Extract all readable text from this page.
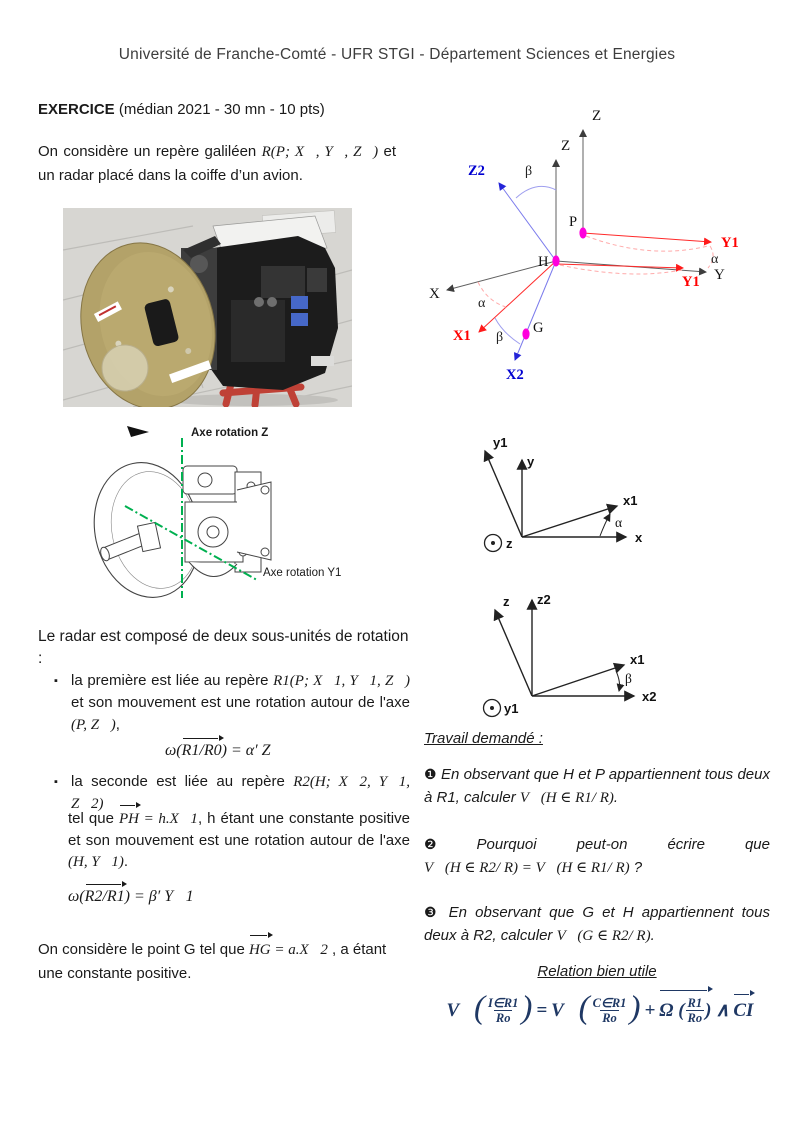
Université de Franche-Comté - UFR STGI - Département Sciences et Energies
EXERCICE (médian 2021 - 30 mn - 10 pts)
On considère un repère galiléen R(P; X⃗, Y⃗, Z⃗) et un radar placé dans la coiffe d’un avion.
Z
Z
Z2	β
P
H
G
Y1
Y1
α
Y
X
α
X1 β
X2
Axe rotation Z
Axe rotation Y1
y
y1
x
x1
α
z
z2
z
x1
x2
β
y1
Le radar est composé de deux sous-unités de rotation :
▪ la première est liée au repère R1(P; X⃗1, Y⃗1, Z⃗) et son mouvement est une rotation autour de l'axe (P, Z⃗),
ω(R1/R0) = α′ Z⃗
▪ la seconde est liée au repère R2(H; X⃗2, Y⃗1, Z⃗2)
tel que PH = h.X⃗1, h étant une constante positive et son mouvement est une rotation autour de l'axe (H, Y⃗1).
ω(R2/R1) = β′ Y⃗1
On considère le point G tel que HG = a.X⃗2 , a étant une constante positive.
Travail demandé :
❶ En observant que H et P appartiennent tous deux à R1, calculer V⃗(H ∈ R1/ R).
❷	Pourquoi	peut-on	écrire	que
V⃗(H ∈ R2/ R) = V⃗(H ∈ R1/ R) ?
❸ En observant que G et H appartiennent tous deux à R2, calculer V⃗(G ∈ R2/ R).
Relation bien utile
V⃗ ( $\frac{I\in R1}{Ro}$ ) = V⃗ ( $\frac{C\in R1}{Ro}$ ) + Ω ( $\frac{R1}{Ro}$ ) ∧ CI
